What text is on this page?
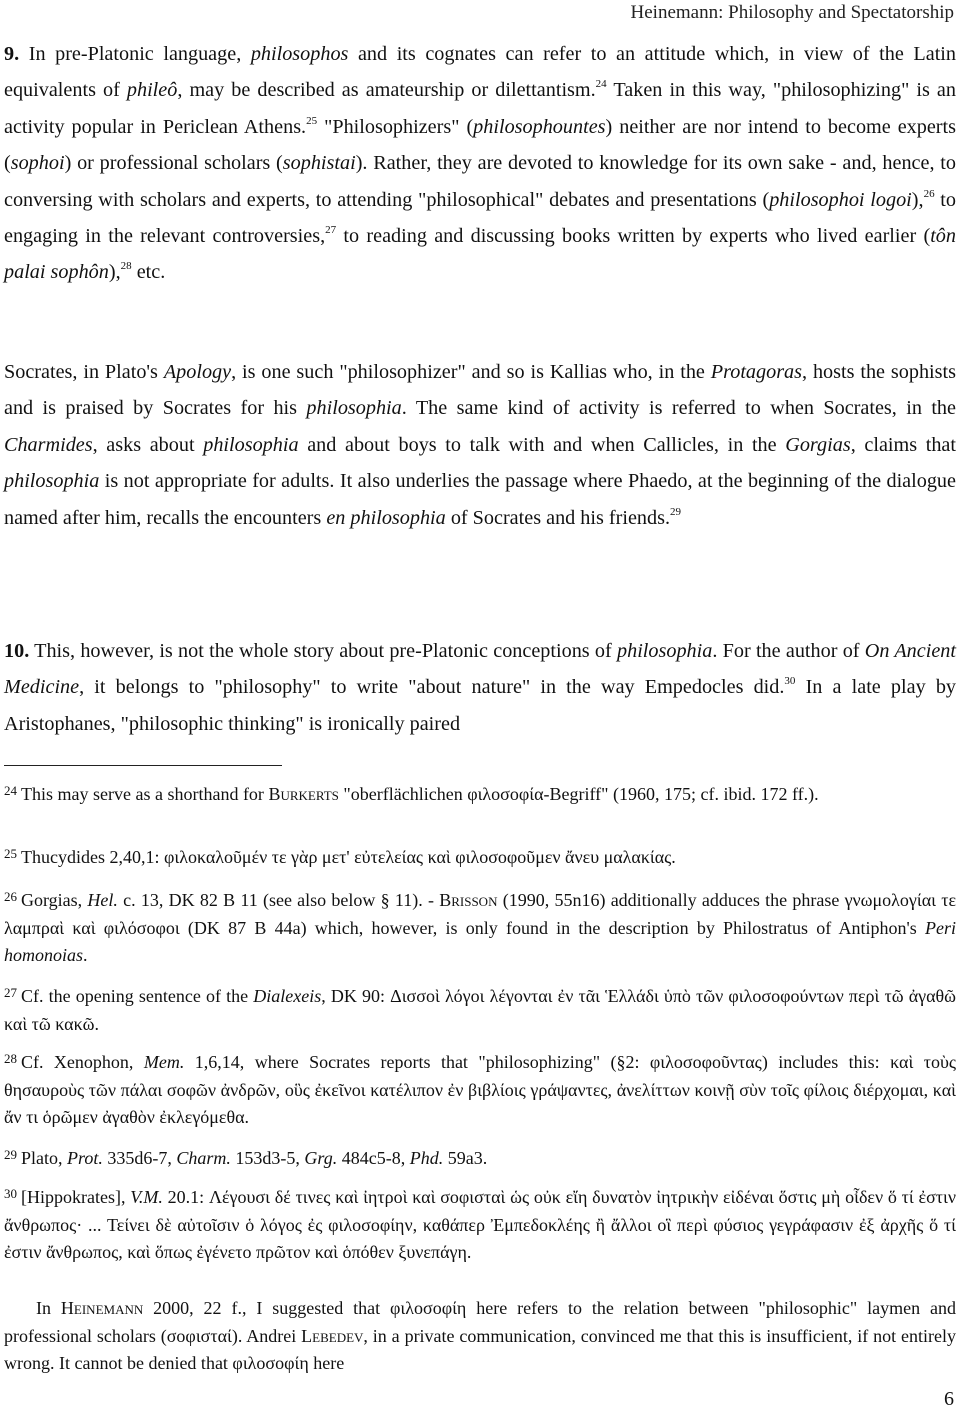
Heinemann: Philosophy and Spectatorship

9. In pre-Platonic language, philosophos and its cognates can refer to an attitude which, in view of the Latin equivalents of phileô, may be described as amateurship or dilettantism.$^{24}$ Taken in this way, "philosophizing" is an activity popular in Periclean Athens.$^{25}$ "Philosophizers" (philosophountes) neither are nor intend to become experts (sophoi) or professional scholars (sophistai). Rather, they are devoted to knowledge for its own sake - and, hence, to conversing with scholars and experts, to attending "philosophical" debates and presentations (philosophoi logoi),$^{26}$ to engaging in the relevant controversies,$^{27}$ to reading and discussing books written by experts who lived earlier (tôn palai sophôn),$^{28}$ etc.

Socrates, in Plato's Apology, is one such "philosophizer" and so is Kallias who, in the Protagoras, hosts the sophists and is praised by Socrates for his philosophia. The same kind of activity is referred to when Socrates, in the Charmides, asks about philosophia and about boys to talk with and when Callicles, in the Gorgias, claims that philosophia is not appropriate for adults. It also underlies the passage where Phaedo, at the beginning of the dialogue named after him, recalls the encounters en philosophia of Socrates and his friends.$^{29}$

10. This, however, is not the whole story about pre-Platonic conceptions of philosophia. For the author of On Ancient Medicine, it belongs to "philosophy" to write "about nature" in the way Empedocles did.$^{30}$ In a late play by Aristophanes, "philosophic thinking" is ironically paired

$^{24}$ This may serve as a shorthand for Burkerts "oberflächlichen φιλοσοφία-Begriff" (1960, 175; cf. ibid. 172 ff.).

$^{25}$ Thucydides 2,40,1: φιλοκαλοῦμέν τε γὰρ μετ' εὐτελείας καὶ φιλοσοφοῦμεν ἄνευ μαλακίας.

$^{26}$ Gorgias, Hel. c. 13, DK 82 B 11 (see also below § 11). - Brisson (1990, 55n16) additionally adduces the phrase γνωμολογίαι τε λαμπραὶ καὶ φιλόσοφοι (DK 87 B 44a) which, however, is only found in the description by Philostratus of Antiphon's Peri homonoias.

$^{27}$ Cf. the opening sentence of the Dialexeis, DK 90: Δισσοὶ λόγοι λέγονται ἐν τᾶι Ἑλλάδι ὑπὸ τῶν φιλοσοφούντων περὶ τῶ ἀγαθῶ καὶ τῶ κακῶ.

$^{28}$ Cf. Xenophon, Mem. 1,6,14, where Socrates reports that "philosophizing" (§2: φιλοσοφοῦντας) includes this: καὶ τοὺς θησαυροὺς τῶν πάλαι σοφῶν ἀνδρῶν, οὓς ἐκεῖνοι κατέλιπον ἐν βιβλίοις γράψαντες, ἀνελίττων κοινῇ σὺν τοῖς φίλοις διέρχομαι, καὶ ἄν τι ὁρῶμεν ἀγαθὸν ἐκλεγόμεθα.

$^{29}$ Plato, Prot. 335d6-7, Charm. 153d3-5, Grg. 484c5-8, Phd. 59a3.

$^{30}$ [Hippokrates], V.M. 20.1: Λέγουσι δέ τινες καὶ ἰητροὶ καὶ σοφισταὶ ὡς οὐκ εἴη δυνατὸν ἰητρικὴν εἰδέναι ὅστις μὴ οἶδεν ὅ τί ἐστιν ἄνθρωπος· ... Τείνει δὲ αὐτοῖσιν ὁ λόγος ἐς φιλοσοφίην, καθάπερ Ἐμπεδοκλέης ἢ ἄλλοι οἳ περὶ φύσιος γεγράφασιν ἐξ ἀρχῆς ὅ τί ἐστιν ἄνθρωπος, καὶ ὅπως ἐγένετο πρῶτον καὶ ὁπόθεν ξυνεπάγη.

In Heinemann 2000, 22 f., I suggested that φιλοσοφίη here refers to the relation between "philosophic" laymen and professional scholars (σοφισταί). Andrei Lebedev, in a private communication, convinced me that this is insufficient, if not entirely wrong. It cannot be denied that φιλοσοφίη here

6
